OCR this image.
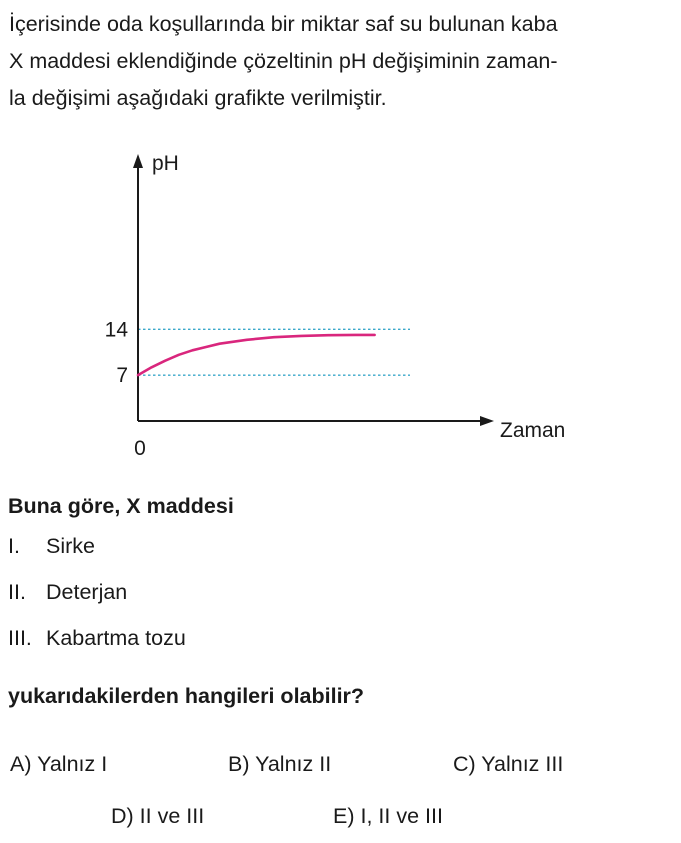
İçerisinde oda koşullarında bir miktar saf su bulunan kaba
X maddesi eklendiğinde çözeltinin pH değişiminin zaman-
la değişimi aşağıdaki grafikte verilmiştir.
pH
Zaman
0
14
7
Buna göre, X maddesi
I. Sirke
II. Deterjan
III. Kabartma tozu
yukarıdakilerden hangileri olabilir?
A) Yalnız I	B) Yalnız II	C) Yalnız III
D) II ve III	E) I, II ve III
